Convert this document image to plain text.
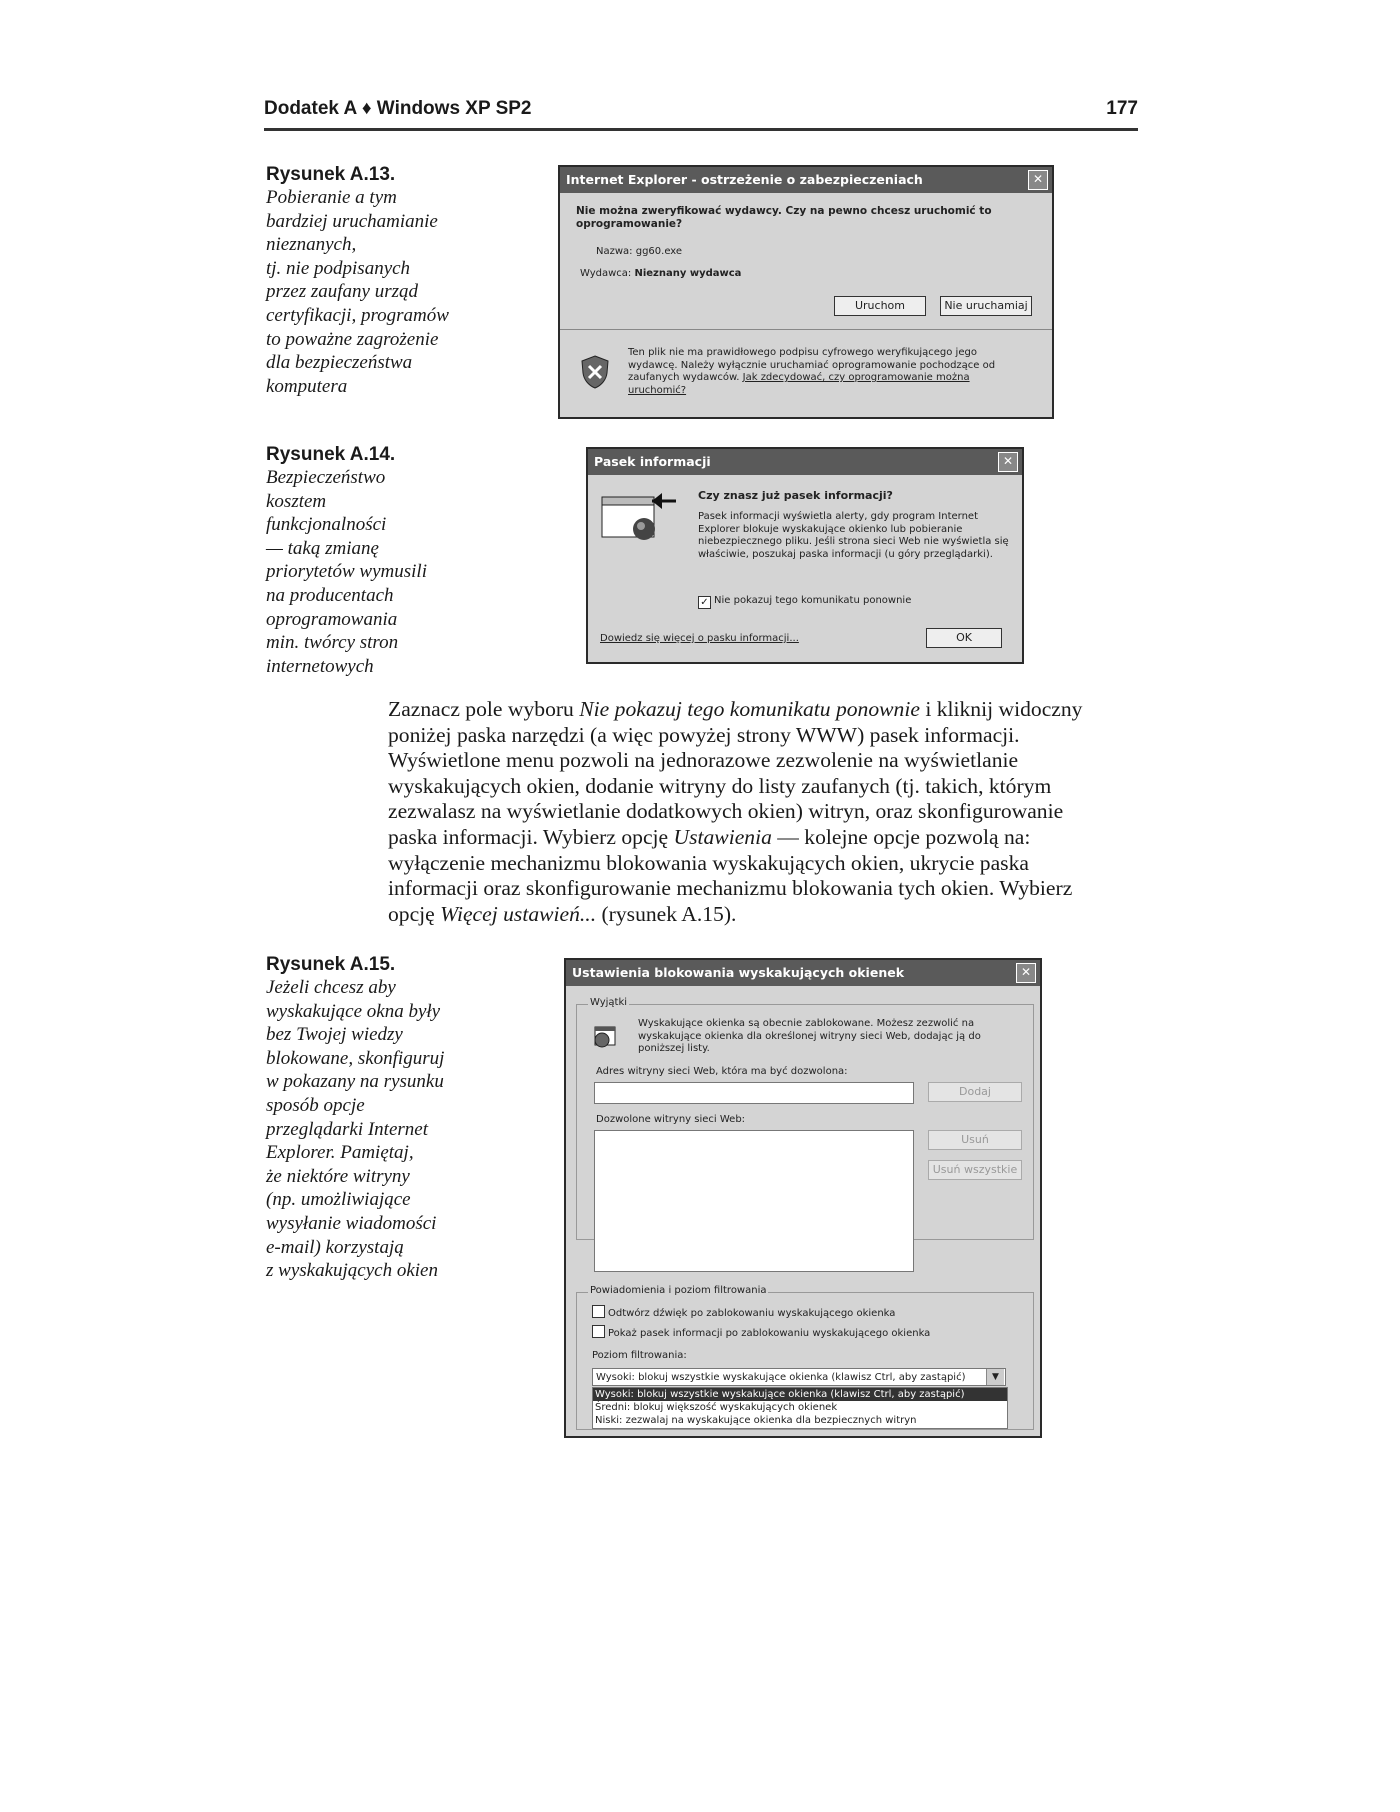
Dodatek A ♦ Windows XP SP2	177
Rysunek A.13.
Pobieranie a tym
bardziej uruchamianie
nieznanych,
tj. nie podpisanych
przez zaufany urząd
certyfikacji, programów
to poważne zagrożenie
dla bezpieczeństwa
komputera
Internet Explorer - ostrzeżenie o zabezpieczeniach	✕
Nie można zweryfikować wydawcy. Czy na pewno chcesz uruchomić to oprogramowanie?
Nazwa: gg60.exe
Wydawca: Nieznany wydawca
Uruchom	Nie uruchamiaj
Ten plik nie ma prawidłowego podpisu cyfrowego weryfikującego jego wydawcę. Należy wyłącznie uruchamiać oprogramowanie pochodzące od zaufanych wydawców. Jak zdecydować, czy oprogramowanie można uruchomić?
Rysunek A.14.
Bezpieczeństwo
kosztem
funkcjonalności
— taką zmianę
priorytetów wymusili
na producentach
oprogramowania
min. twórcy stron
internetowych
Pasek informacji	✕
Czy znasz już pasek informacji?
Pasek informacji wyświetla alerty, gdy program Internet Explorer blokuje wyskakujące okienko lub pobieranie niebezpiecznego pliku. Jeśli strona sieci Web nie wyświetla się właściwie, poszukaj paska informacji (u góry przeglądarki).
✓ Nie pokazuj tego komunikatu ponownie
Dowiedz się więcej o pasku informacji...	OK
Zaznacz pole wyboru Nie pokazuj tego komunikatu ponownie i kliknij widoczny poniżej paska narzędzi (a więc powyżej strony WWW) pasek informacji. Wyświetlone menu pozwoli na jednorazowe zezwolenie na wyświetlanie wyskakujących okien, dodanie witryny do listy zaufanych (tj. takich, którym zezwalasz na wyświetlanie dodatkowych okien) witryn, oraz skonfigurowanie paska informacji. Wybierz opcję Ustawienia — kolejne opcje pozwolą na: wyłączenie mechanizmu blokowania wyskakujących okien, ukrycie paska informacji oraz skonfigurowanie mechanizmu blokowania tych okien. Wybierz opcję Więcej ustawień... (rysunek A.15).
Rysunek A.15.
Jeżeli chcesz aby
wyskakujące okna były
bez Twojej wiedzy
blokowane, skonfiguruj
w pokazany na rysunku
sposób opcje
przeglądarki Internet
Explorer. Pamiętaj,
że niektóre witryny
(np. umożliwiające
wysyłanie wiadomości
e-mail) korzystają
z wyskakujących okien
Ustawienia blokowania wyskakujących okienek	✕
Wyjątki
Wyskakujące okienka są obecnie zablokowane. Możesz zezwolić na wyskakujące okienka dla określonej witryny sieci Web, dodając ją do poniższej listy.
Adres witryny sieci Web, która ma być dozwolona:
Dodaj
Dozwolone witryny sieci Web:
Usuń
Usuń wszystkie
Powiadomienia i poziom filtrowania
Odtwórz dźwięk po zablokowaniu wyskakującego okienka
Pokaż pasek informacji po zablokowaniu wyskakującego okienka
Poziom filtrowania:
Wysoki: blokuj wszystkie wyskakujące okienka (klawisz Ctrl, aby zastąpić)	▼
Wysoki: blokuj wszystkie wyskakujące okienka (klawisz Ctrl, aby zastąpić)
Średni: blokuj większość wyskakujących okienek
Niski: zezwalaj na wyskakujące okienka dla bezpiecznych witryn
